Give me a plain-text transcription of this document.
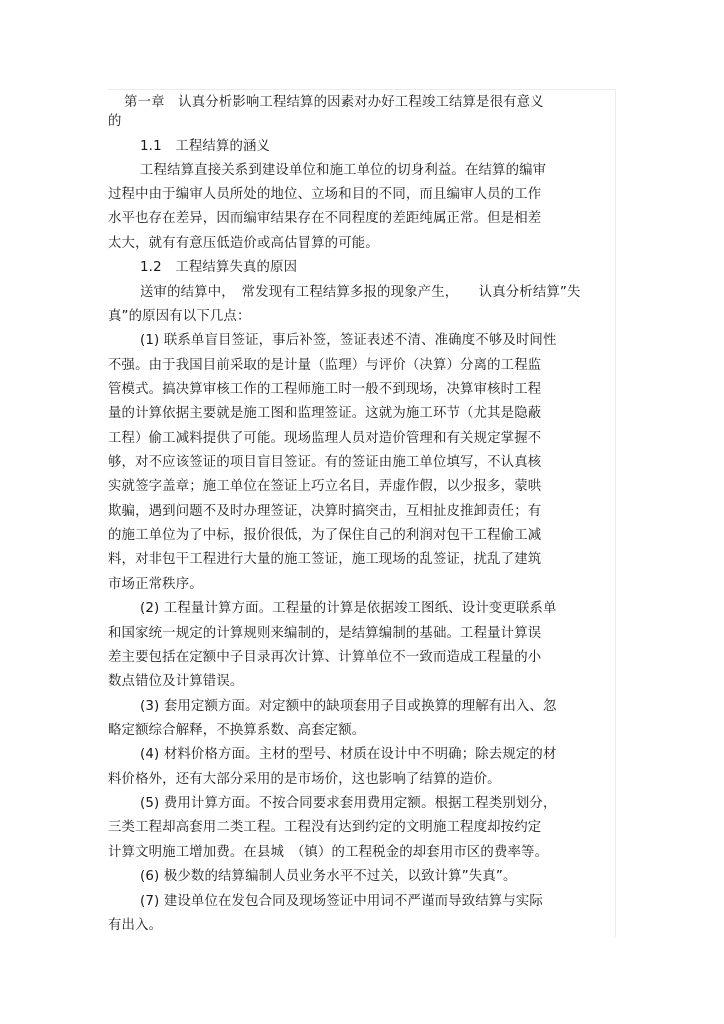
第一章　认真分析影响工程结算的因素对办好工程竣工结算是很有意义
的
1.1　工程结算的涵义
工程结算直接关系到建设单位和施工单位的切身利益。在结算的编审
过程中由于编审人员所处的地位、立场和目的不同，而且编审人员的工作
水平也存在差异，因而编审结果存在不同程度的差距纯属正常。但是相差
太大，就有有意压低造价或高估冒算的可能。
1.2　工程结算失真的原因
送审的结算中，　常发现有工程结算多报的现象产生，　　认真分析结算”失
真”的原因有以下几点：
(1) 联系单盲目签证，事后补签，签证表述不清、准确度不够及时间性
不强。由于我国目前采取的是计量（监理）与评价（决算）分离的工程监
管模式。搞决算审核工作的工程师施工时一般不到现场，决算审核时工程
量的计算依据主要就是施工图和监理签证。这就为施工环节（尤其是隐蔽
工程）偷工减料提供了可能。现场监理人员对造价管理和有关规定掌握不
够，对不应该签证的项目盲目签证。有的签证由施工单位填写，不认真核
实就签字盖章；施工单位在签证上巧立名目，弄虚作假，以少报多，蒙哄
欺骗，遇到问题不及时办理签证，决算时搞突击，互相扯皮推卸责任；有
的施工单位为了中标，报价很低，为了保住自己的利润对包干工程偷工减
料，对非包干工程进行大量的施工签证，施工现场的乱签证，扰乱了建筑
市场正常秩序。
(2) 工程量计算方面。工程量的计算是依据竣工图纸、设计变更联系单
和国家统一规定的计算规则来编制的，是结算编制的基础。工程量计算误
差主要包括在定额中子目录再次计算、计算单位不一致而造成工程量的小
数点错位及计算错误。
(3) 套用定额方面。对定额中的缺项套用子目或换算的理解有出入、忽
略定额综合解释，不换算系数、高套定额。
(4) 材料价格方面。主材的型号、材质在设计中不明确；除去规定的材
料价格外，还有大部分采用的是市场价，这也影响了结算的造价。
(5) 费用计算方面。不按合同要求套用费用定额。根据工程类别划分，
三类工程却高套用二类工程。工程没有达到约定的文明施工程度却按约定
计算文明施工增加费。在县城　（镇）的工程税金的却套用市区的费率等。
(6) 极少数的结算编制人员业务水平不过关，以致计算”失真”。
(7) 建设单位在发包合同及现场签证中用词不严谨而导致结算与实际
有出入。
